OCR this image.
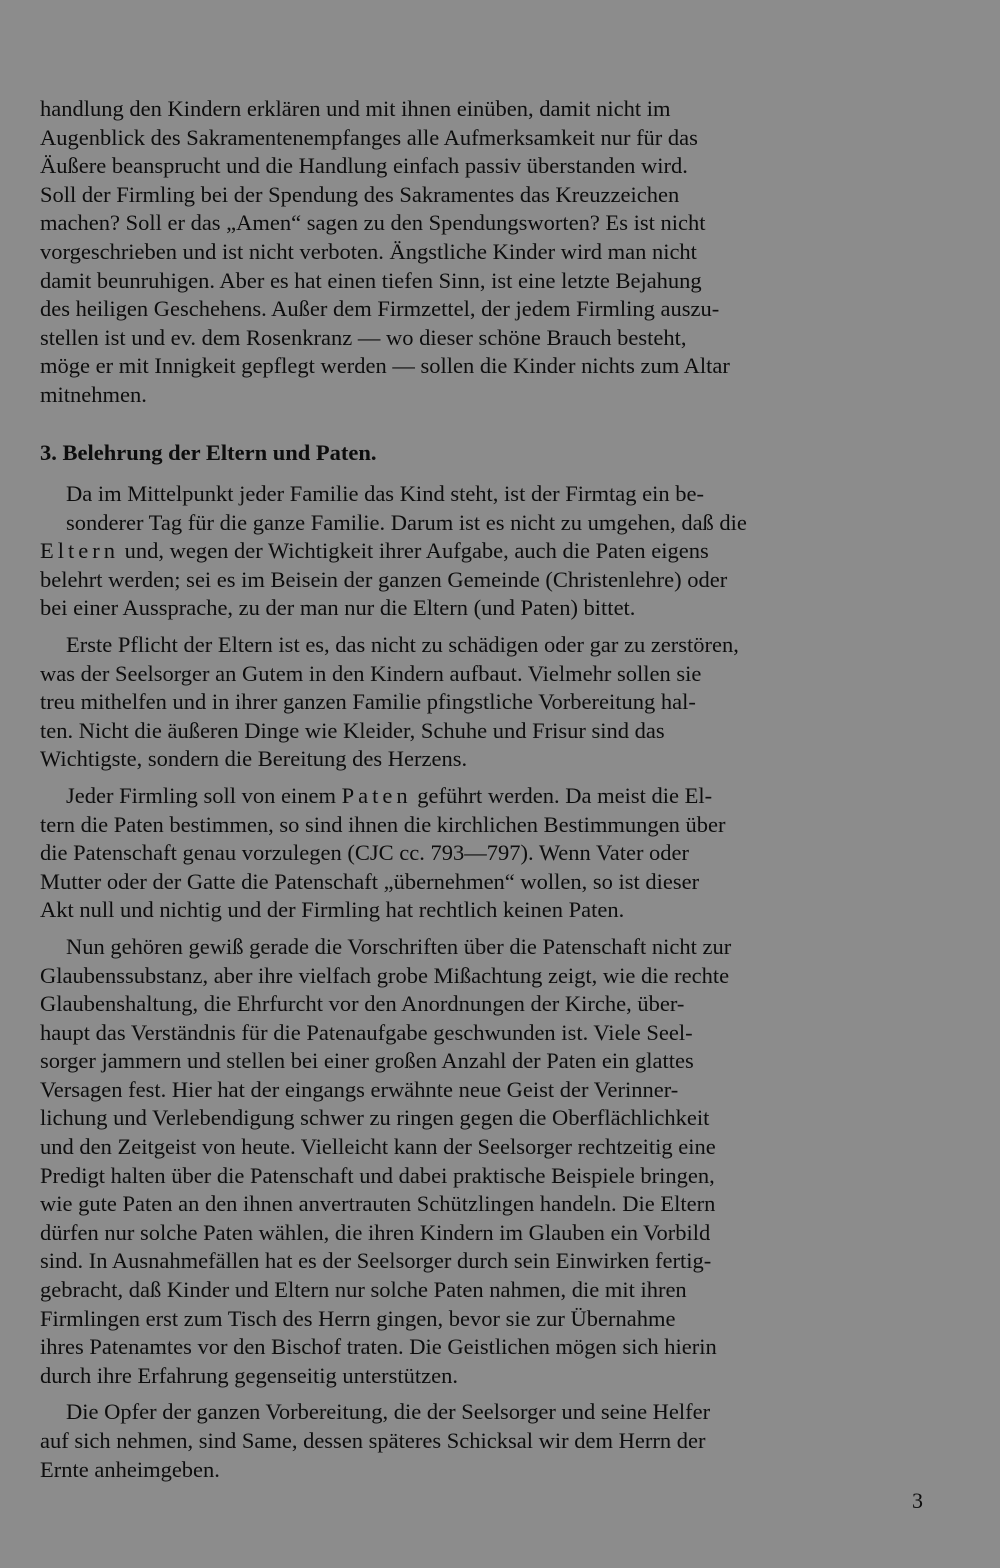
handlung den Kindern erklären und mit ihnen einüben, damit nicht im
Augenblick des Sakramentenempfanges alle Aufmerksamkeit nur für das
Äußere beansprucht und die Handlung einfach passiv überstanden wird.
Soll der Firmling bei der Spendung des Sakramentes das Kreuzzeichen
machen? Soll er das „Amen“ sagen zu den Spendungsworten? Es ist nicht
vorgeschrieben und ist nicht verboten. Ängstliche Kinder wird man nicht
damit beunruhigen. Aber es hat einen tiefen Sinn, ist eine letzte Bejahung
des heiligen Geschehens. Außer dem Firmzettel, der jedem Firmling auszu-
stellen ist und ev. dem Rosenkranz — wo dieser schöne Brauch besteht,
möge er mit Innigkeit gepflegt werden — sollen die Kinder nichts zum Altar
mitnehmen.
3. Belehrung der Eltern und Paten.
Da im Mittelpunkt jeder Familie das Kind steht, ist der Firmtag ein be-
sonderer Tag für die ganze Familie. Darum ist es nicht zu umgehen, daß die
Eltern und, wegen der Wichtigkeit ihrer Aufgabe, auch die Paten eigens
belehrt werden; sei es im Beisein der ganzen Gemeinde (Christenlehre) oder
bei einer Aussprache, zu der man nur die Eltern (und Paten) bittet.
Erste Pflicht der Eltern ist es, das nicht zu schädigen oder gar zu zerstören,
was der Seelsorger an Gutem in den Kindern aufbaut. Vielmehr sollen sie
treu mithelfen und in ihrer ganzen Familie pfingstliche Vorbereitung hal-
ten. Nicht die äußeren Dinge wie Kleider, Schuhe und Frisur sind das
Wichtigste, sondern die Bereitung des Herzens.
Jeder Firmling soll von einem Paten geführt werden. Da meist die El-
tern die Paten bestimmen, so sind ihnen die kirchlichen Bestimmungen über
die Patenschaft genau vorzulegen (CJC cc. 793—797). Wenn Vater oder
Mutter oder der Gatte die Patenschaft „übernehmen“ wollen, so ist dieser
Akt null und nichtig und der Firmling hat rechtlich keinen Paten.
Nun gehören gewiß gerade die Vorschriften über die Patenschaft nicht zur
Glaubenssubstanz, aber ihre vielfach grobe Mißachtung zeigt, wie die rechte
Glaubenshaltung, die Ehrfurcht vor den Anordnungen der Kirche, über-
haupt das Verständnis für die Patenaufgabe geschwunden ist. Viele Seel-
sorger jammern und stellen bei einer großen Anzahl der Paten ein glattes
Versagen fest. Hier hat der eingangs erwähnte neue Geist der Verinner-
lichung und Verlebendigung schwer zu ringen gegen die Oberflächlichkeit
und den Zeitgeist von heute. Vielleicht kann der Seelsorger rechtzeitig eine
Predigt halten über die Patenschaft und dabei praktische Beispiele bringen,
wie gute Paten an den ihnen anvertrauten Schützlingen handeln. Die Eltern
dürfen nur solche Paten wählen, die ihren Kindern im Glauben ein Vorbild
sind. In Ausnahmefällen hat es der Seelsorger durch sein Einwirken fertig-
gebracht, daß Kinder und Eltern nur solche Paten nahmen, die mit ihren
Firmlingen erst zum Tisch des Herrn gingen, bevor sie zur Übernahme
ihres Patenamtes vor den Bischof traten. Die Geistlichen mögen sich hierin
durch ihre Erfahrung gegenseitig unterstützen.
Die Opfer der ganzen Vorbereitung, die der Seelsorger und seine Helfer
auf sich nehmen, sind Same, dessen späteres Schicksal wir dem Herrn der
Ernte anheimgeben.
3
